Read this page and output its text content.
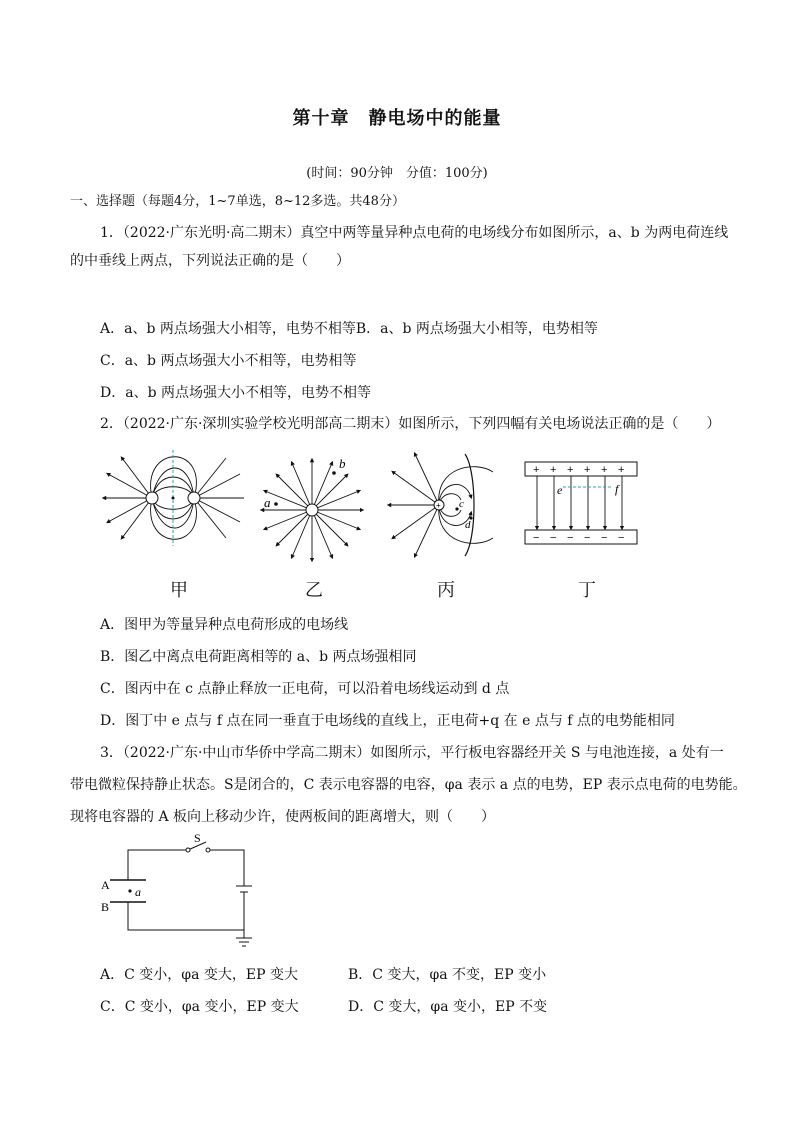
第十章　静电场中的能量
(时间：90分钟　分值：100分)
一、选择题（每题4分，1~7单选，8~12多选。共48分）
1．（2022·广东光明·高二期末）真空中两等量异种点电荷的电场线分布如图所示，a、b 为两电荷连线
的中垂线上两点，下列说法正确的是（　　）
A．a、b 两点场强大小相等，电势不相等B．a、b 两点场强大小相等，电势相等
C．a、b 两点场强大小不相等，电势相等
D．a、b 两点场强大小不相等，电势不相等
2．（2022·广东·深圳实验学校光明部高二期末）如图所示，下列四幅有关电场说法正确的是（　　）
a
b
+ c
d
+ + + + + +
− − − − − −
e	f
甲	乙	丙	丁
A．图甲为等量异种点电荷形成的电场线
B．图乙中离点电荷距离相等的 a、b 两点场强相同
C．图丙中在 c 点静止释放一正电荷，可以沿着电场线运动到 d 点
D．图丁中 e 点与 f 点在同一垂直于电场线的直线上，正电荷+q 在 e 点与 f 点的电势能相同
3．（2022·广东·中山市华侨中学高二期末）如图所示，平行板电容器经开关 S 与电池连接，a 处有一
带电微粒保持静止状态。S是闭合的，C 表示电容器的电容，φa 表示 a 点的电势，EP 表示点电荷的电势能。
现将电容器的 A 板向上移动少许，使两板间的距离增大，则（　　）
S
A
B
a
A．C 变小，φa 变大，EP 变大	B．C 变大，φa 不变，EP 变小
C．C 变小，φa 变小，EP 变大	D．C 变大，φa 变小，EP 不变
